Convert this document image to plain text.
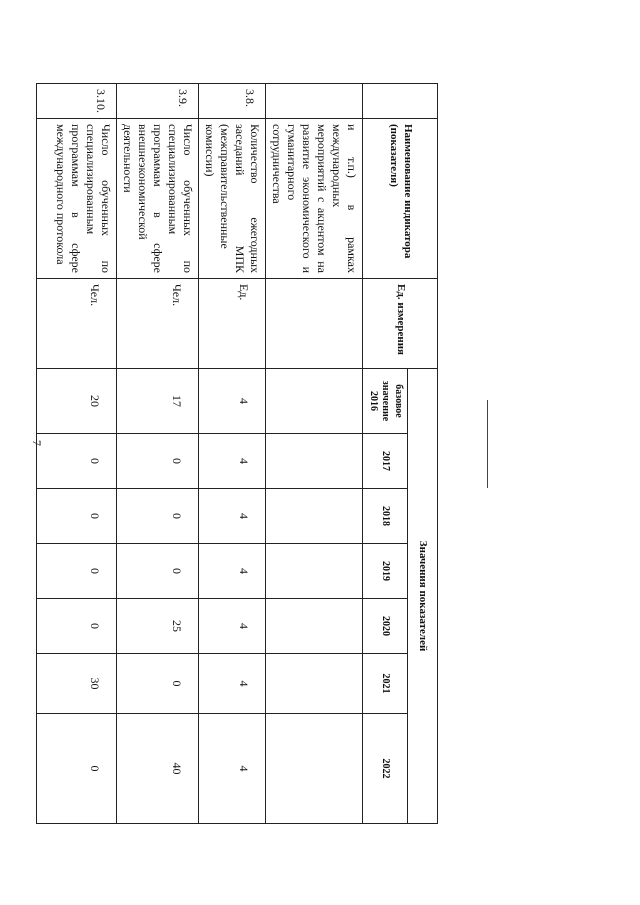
7
	Наименование индикатора (показателя)	Ед. измерения	Значения показателей						
			базовое
значение
2016	2017	2018	2019	2020	2021	2022
	и т.п.) в рамках международных мероприятий с акцентом на развитие экономического и гуманитарного сотрудничества								
3.8.	Количество ежегодных заседаний МПК (межправительственные комиссии)	Ед.	4	4	4	4	4	4	4
3.9.	Число обученных по специализированным программам в сфере внешнеэкономической деятельности	Чел.	17	0	0	0	25	0	40
3.10.	Число обученных по специализированным программам в сфере международного протокола	Чел.	20	0	0	0	0	30	0
